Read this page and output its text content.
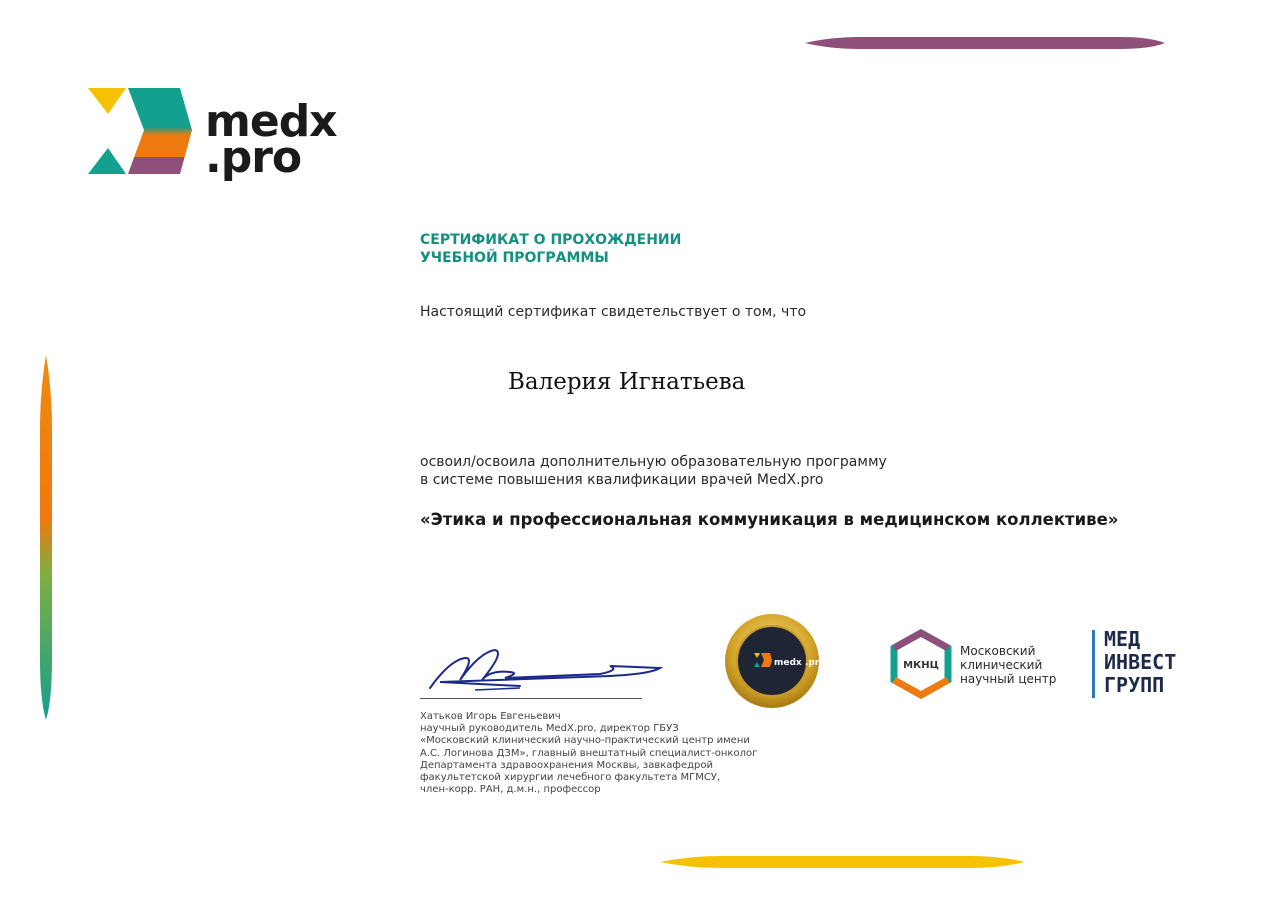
medx
.pro
СЕРТИФИКАТ О ПРОХОЖДЕНИИ
УЧЕБНОЙ ПРОГРАММЫ
Настоящий сертификат свидетельствует о том, что
Валерия Игнатьева
освоил/освоила дополнительную образовательную программу
в системе повышения квалификации врачей MedX.pro
«Этика и профессиональная коммуникация в медицинском коллективе»
Хатьков Игорь Евгеньевич
научный руководитель MedX.pro, директор ГБУЗ
«Московский клинический научно-практический центр имени
А.С. Логинова ДЗМ», главный внештатный специалист-онколог
Департамента здравоохранения Москвы, завкафедрой
факультетской хирургии лечебного факультета МГМСУ,
член-корр. РАН, д.м.н., профессор
medx .pro	МКНЦ
Московский
клинический
научный центр
МЕД
ИНВЕСТ
ГРУПП
